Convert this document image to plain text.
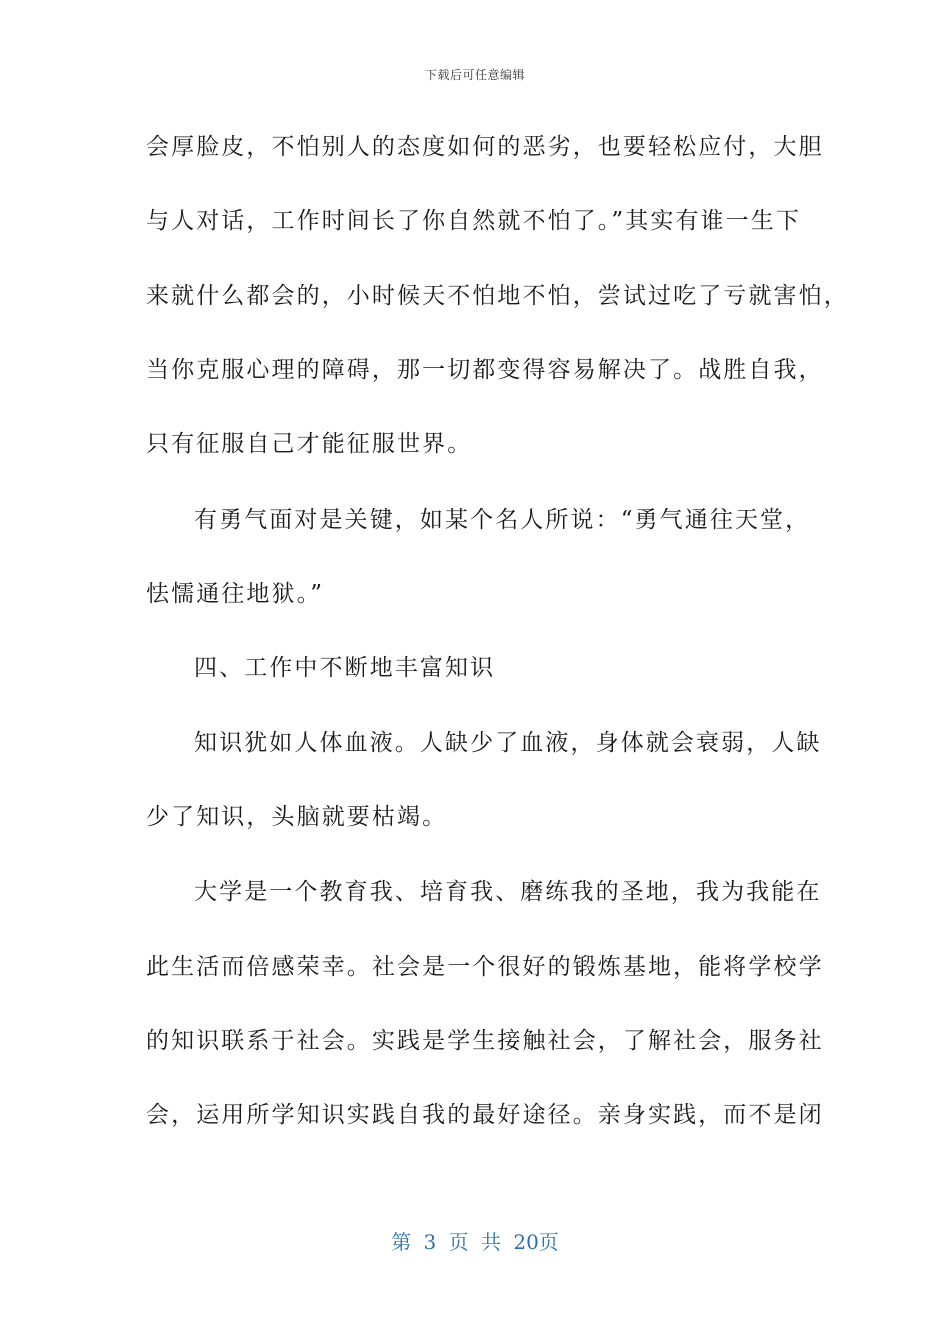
下载后可任意编辑
会厚脸皮，不怕别人的态度如何的恶劣，也要轻松应付，大胆
与人对话，工作时间长了你自然就不怕了。”其实有谁一生下
来就什么都会的，小时候天不怕地不怕，尝试过吃了亏就害怕，
当你克服心理的障碍，那一切都变得容易解决了。战胜自我，
只有征服自己才能征服世界。
有勇气面对是关键，如某个名人所说：“勇气通往天堂，
怯懦通往地狱。”
四、工作中不断地丰富知识
知识犹如人体血液。人缺少了血液，身体就会衰弱，人缺
少了知识，头脑就要枯竭。
大学是一个教育我、培育我、磨练我的圣地，我为我能在
此生活而倍感荣幸。社会是一个很好的锻炼基地，能将学校学
的知识联系于社会。实践是学生接触社会，了解社会，服务社
会，运用所学知识实践自我的最好途径。亲身实践，而不是闭
第 3 页 共 20页
